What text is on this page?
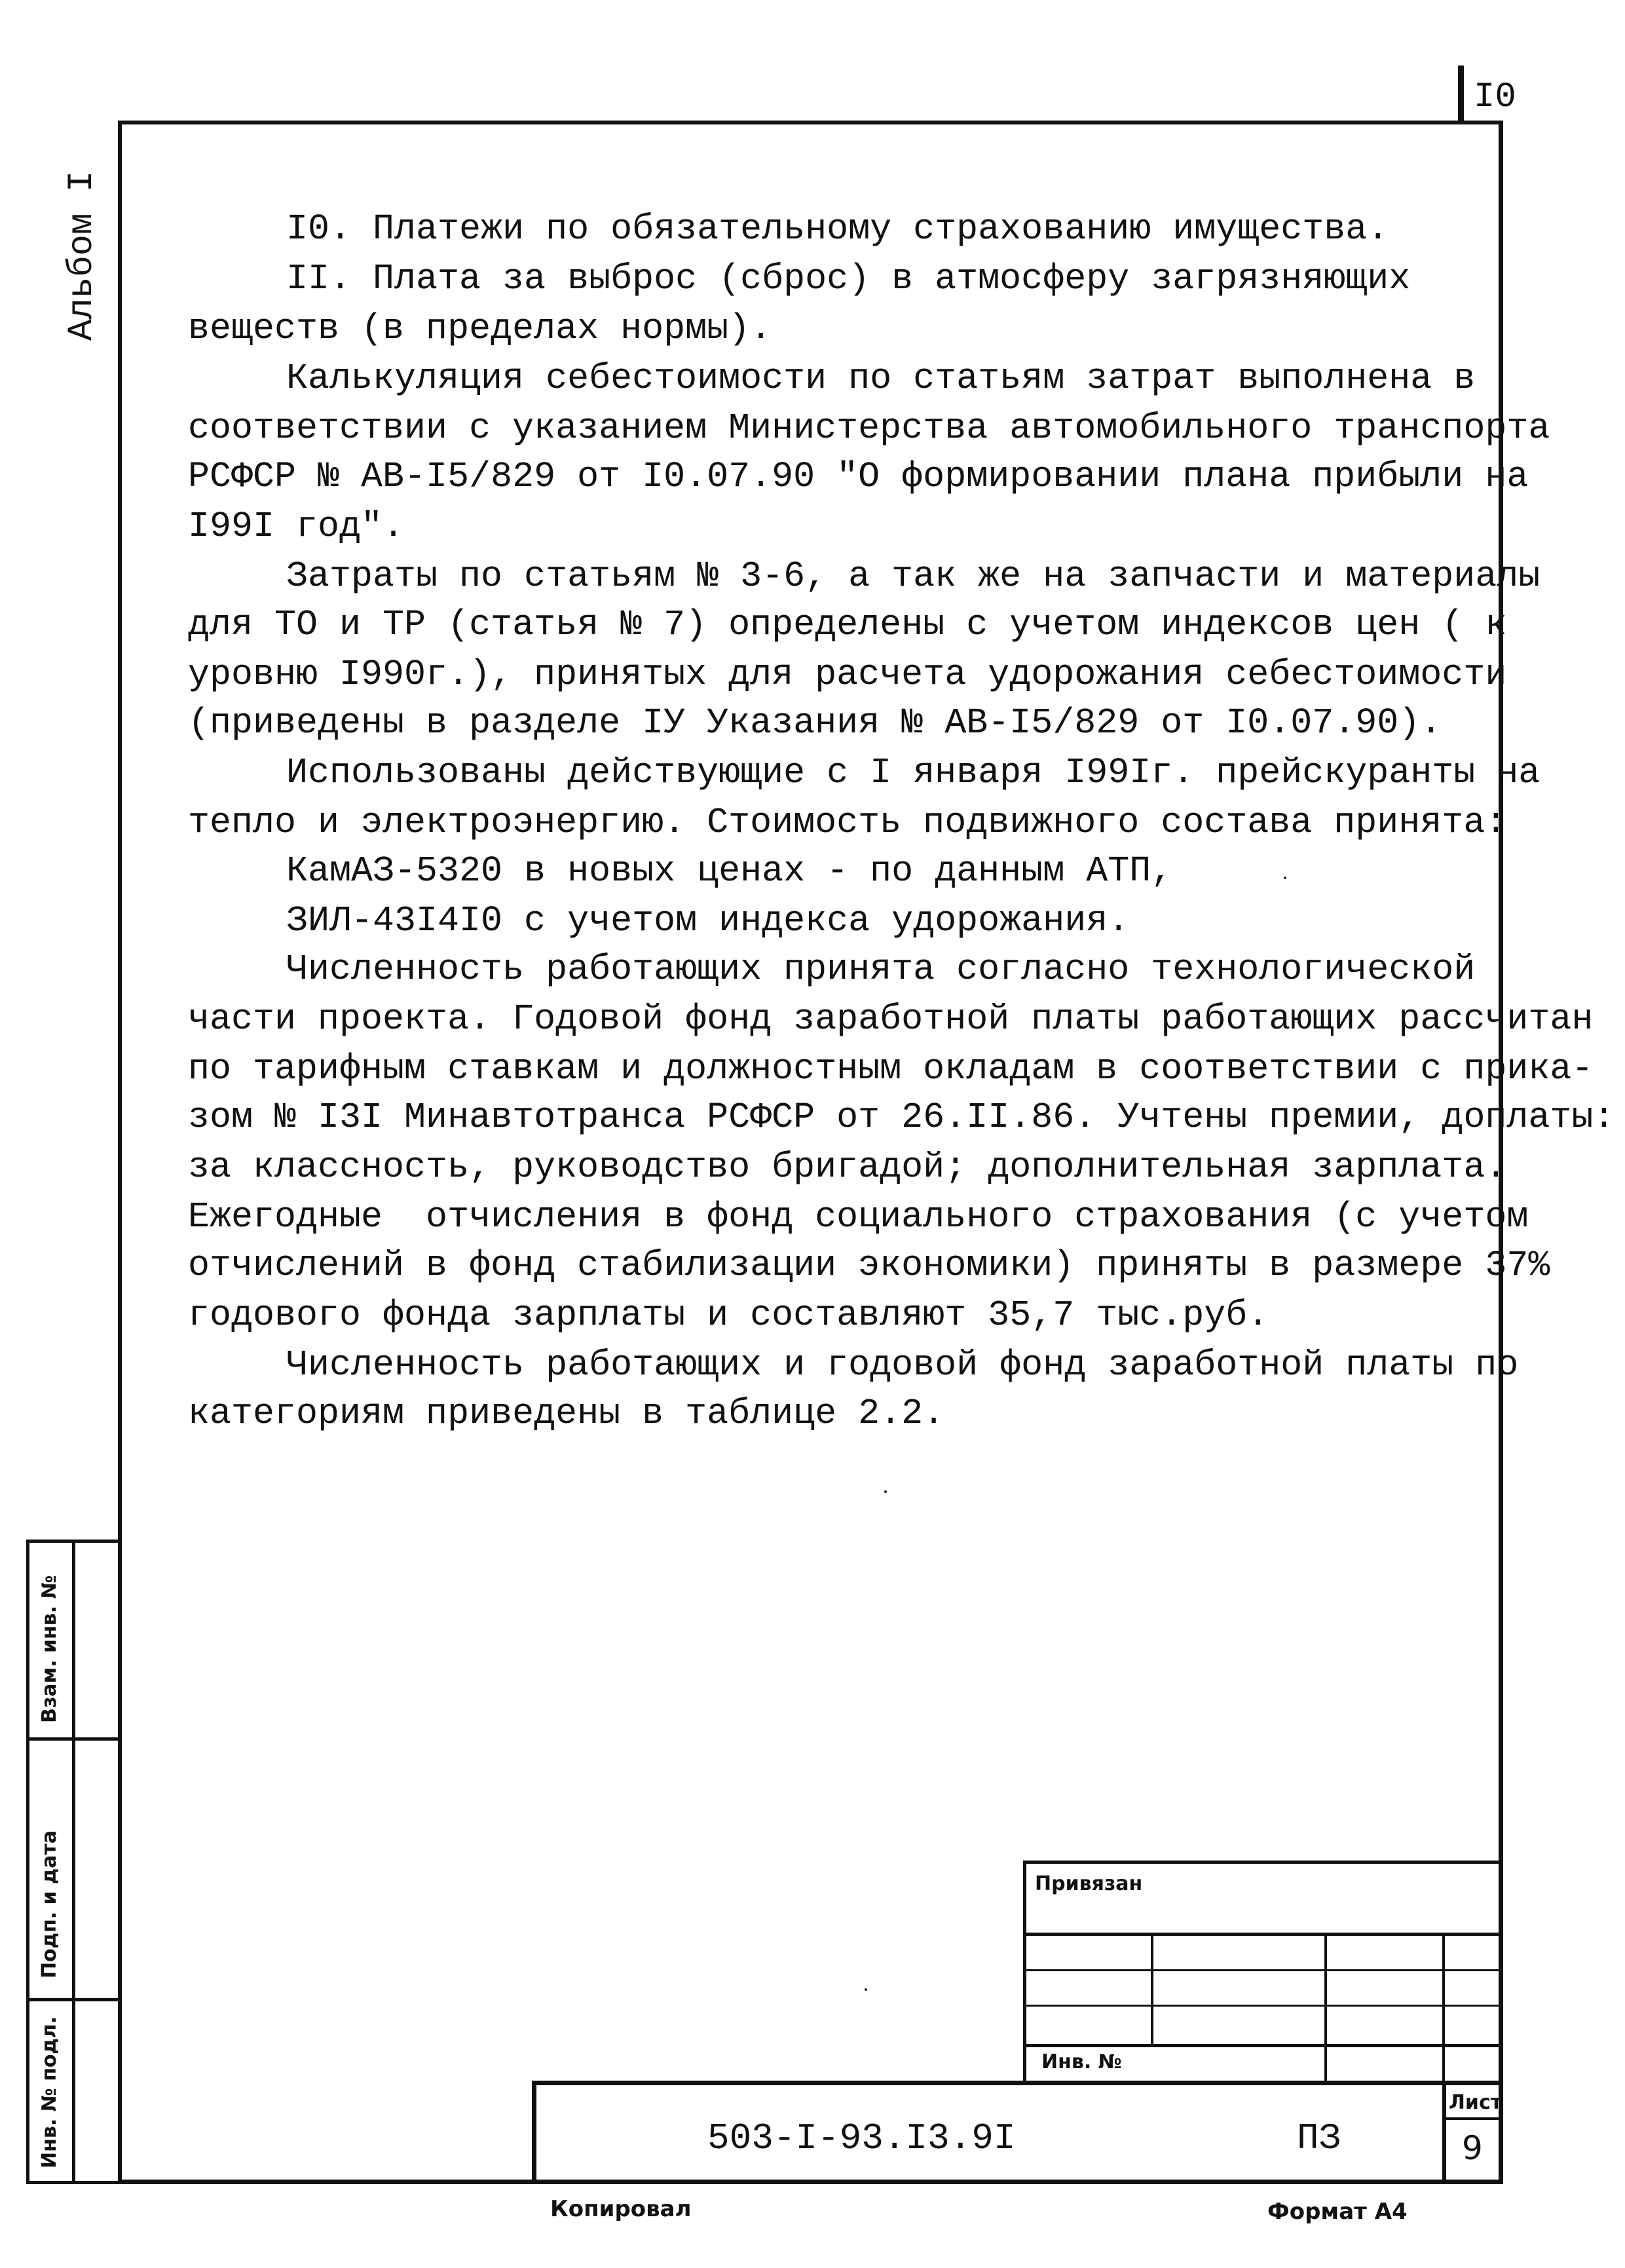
I0
Альбом I	I0. Платежи по обязательному страхованию имущества.
II. Плата за выброс (сброс) в атмосферу загрязняющих
веществ (в пределах нормы).
Калькуляция себестоимости по статьям затрат выполнена в
соответствии с указанием Министерства автомобильного транспорта
РСФСР № АВ-I5/829 от I0.07.90 "О формировании плана прибыли на
I99I год".
Затраты по статьям № 3-6, а так же на запчасти и материалы
для ТО и ТР (статья № 7) определены с учетом индексов цен ( к
уровню I990г.), принятых для расчета удорожания себестоимости
(приведены в разделе IУ Указания № АВ-I5/829 от I0.07.90).
Использованы действующие с I января I99Iг. прейскуранты на
тепло и электроэнергию. Стоимость подвижного состава принята:
КамАЗ-5320 в новых ценах - по данным АТП,
ЗИЛ-43I4I0 с учетом индекса удорожания.
Численность работающих принята согласно технологической
части проекта. Годовой фонд заработной платы работающих рассчитан
по тарифным ставкам и должностным окладам в соответствии с прика-
зом № I3I Минавтотранса РСФСР от 26.II.86. Учтены премии, доплаты:
за классность, руководство бригадой; дополнительная зарплата.
Ежегодные  отчисления в фонд социального страхования (с учетом
отчислений в фонд стабилизации экономики) приняты в размере 37%
годового фонда зарплаты и составляют 35,7 тыс.руб.
Численность работающих и годовой фонд заработной платы по
категориям приведены в таблице 2.2.
Инв. № подл.
Подп. и дата
Взам. инв. №
Привязан
Инв. №
503-I-93.I3.9I	ПЗ
Лист
9
Копировал	Формат А4
